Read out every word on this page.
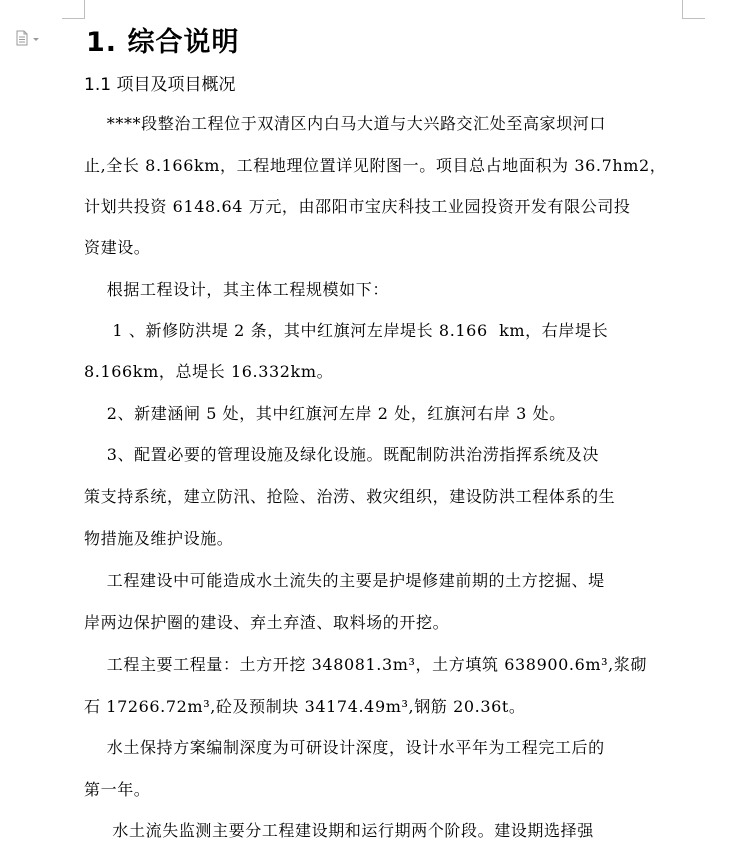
1. 综合说明
1.1 项目及项目概况

****段整治工程位于双清区内白马大道与大兴路交汇处至高家坝河口

止,全长 8.166km，工程地理位置详见附图一。项目总占地面积为 36.7hm2，

计划共投资 6148.64 万元，由邵阳市宝庆科技工业园投资开发有限公司投

资建设。

根据工程设计，其主体工程规模如下：

1 、新修防洪堤 2 条，其中红旗河左岸堤长 8.166  km，右岸堤长

8.166km，总堤长 16.332km。

2、新建涵闸 5 处，其中红旗河左岸 2 处，红旗河右岸 3 处。

3、配置必要的管理设施及绿化设施。既配制防洪治涝指挥系统及决

策支持系统，建立防汛、抢险、治涝、救灾组织，建设防洪工程体系的生

物措施及维护设施。

工程建设中可能造成水土流失的主要是护堤修建前期的土方挖掘、堤

岸两边保护圈的建设、弃土弃渣、取料场的开挖。

工程主要工程量：土方开挖 348081.3m³，土方填筑 638900.6m³,浆砌

石 17266.72m³,砼及预制块 34174.49m³,钢筋 20.36t。

水土保持方案编制深度为可研设计深度，设计水平年为工程完工后的

第一年。

水土流失监测主要分工程建设期和运行期两个阶段。建设期选择强
